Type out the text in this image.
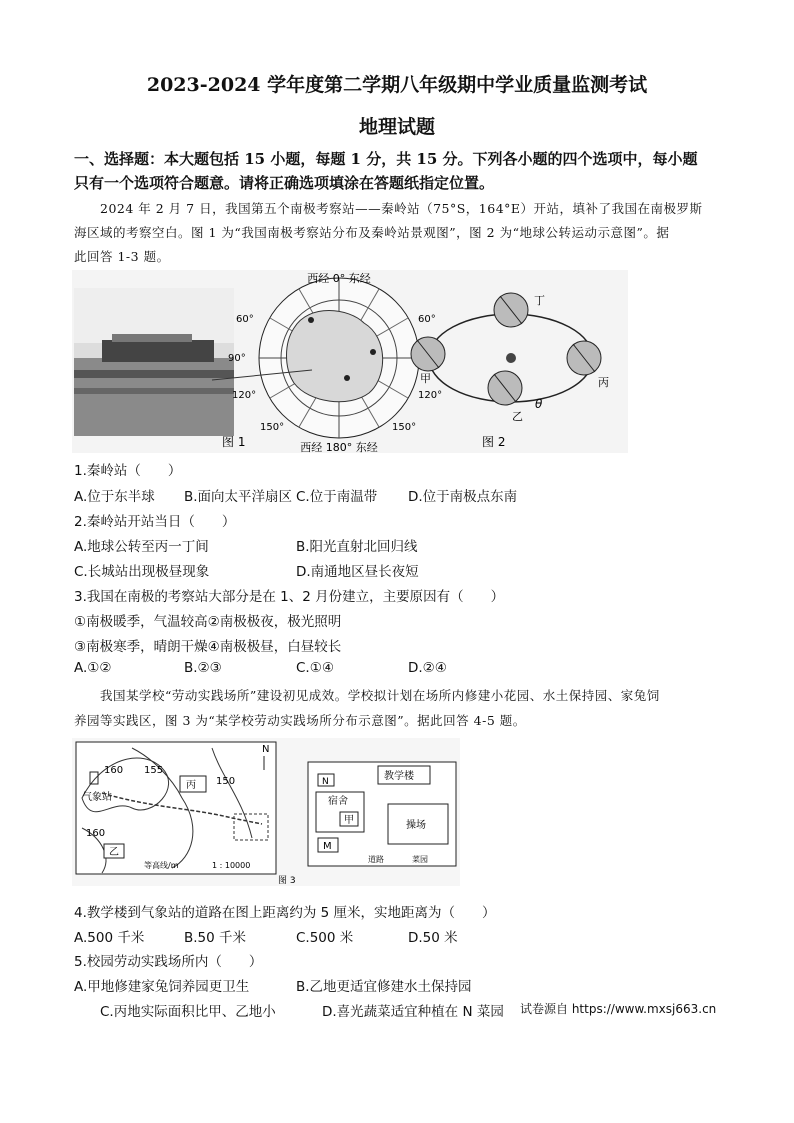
2023-2024 学年度第二学期八年级期中学业质量监测考试
地理试题
一、选择题：本大题包括 15 小题，每题 1 分，共 15 分。下列各小题的四个选项中，每小题
只有一个选项符合题意。请将正确选项填涂在答题纸指定位置。
2024 年 2 月 7 日，我国第五个南极考察站——秦岭站（75°S，164°E）开站，填补了我国在南极罗斯
海区域的考察空白。图 1 为“我国南极考察站分布及秦岭站景观图”，图 2 为“地球公转运动示意图”。据
此回答 1-3 题。
西经 0° 东经
西经 180° 东经
60°
90°
120°
150°
60°
120°
150°
图 1
丁
甲
乙
丙
θ
图 2
1.秦岭站（　　）
A.位于东半球 B.面向太平洋扇区 C.位于南温带 D.位于南极点东南
2.秦岭站开站当日（　　）
A.地球公转至丙一丁间	B.阳光直射北回归线
C.长城站出现极昼现象	D.南通地区昼长夜短
3.我国在南极的考察站大部分是在 1、2 月份建立，主要原因有（　　）
①南极暖季，气温较高②南极极夜，极光照明
③南极寒季，晴朗干燥④南极极昼，白昼较长
A.①②	B.②③	C.①④	D.②④
我国某学校“劳动实践场所”建设初见成效。学校拟计划在场所内修建小花园、水土保持园、家兔饲
养园等实践区，图 3 为“某学校劳动实践场所分布示意图”。据此回答 4-5 题。
160 155
150
160
气象站
丙
乙
N
等高线/m	1 : 10000
教学楼
N
宿舍
甲	操场
M
道路	菜园
图 3
4.教学楼到气象站的道路在图上距离约为 5 厘米，实地距离为（　　）
A.500 千米	B.50 千米	C.500 米	D.50 米
5.校园劳动实践场所内（　　）
A.甲地修建家兔饲养园更卫生	B.乙地更适宜修建水土保持园
C.丙地实际面积比甲、乙地小	D.喜光蔬菜适宜种植在 N 菜园 试卷源自 https://www.mxsj663.cn
